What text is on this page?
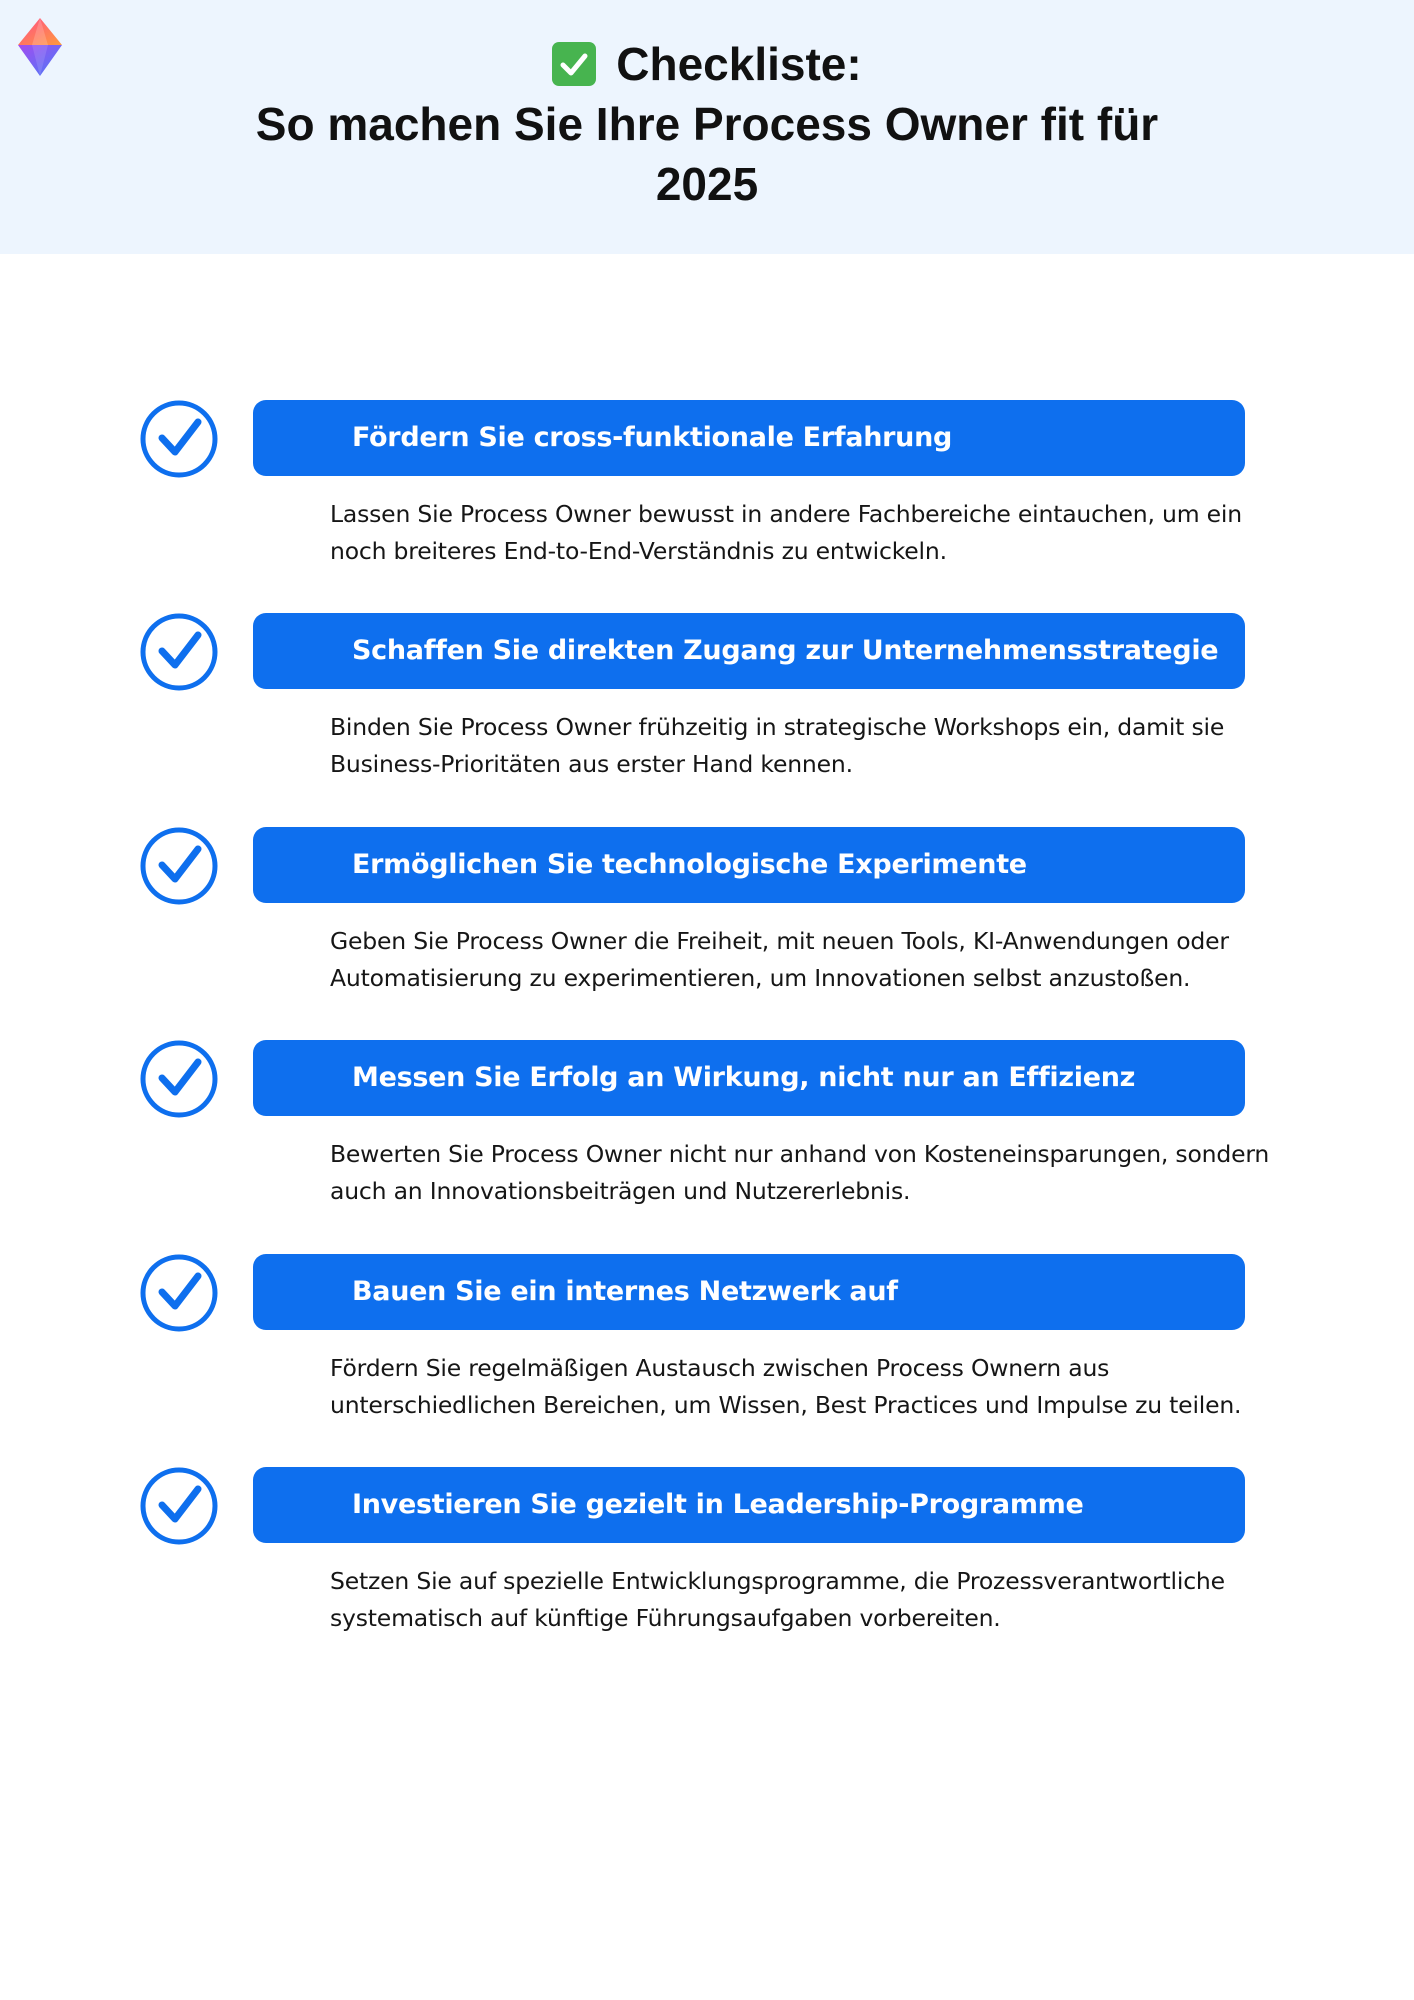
Checkliste:
So machen Sie Ihre Process Owner fit für
2025
Fördern Sie cross-funktionale Erfahrung
Lassen Sie Process Owner bewusst in andere Fachbereiche eintauchen, um ein noch breiteres End-to-End-Verständnis zu entwickeln.
Schaffen Sie direkten Zugang zur Unternehmensstrategie
Binden Sie Process Owner frühzeitig in strategische Workshops ein, damit sie Business-Prioritäten aus erster Hand kennen.
Ermöglichen Sie technologische Experimente
Geben Sie Process Owner die Freiheit, mit neuen Tools, KI-Anwendungen oder Automatisierung zu experimentieren, um Innovationen selbst anzustoßen.
Messen Sie Erfolg an Wirkung, nicht nur an Effizienz
Bewerten Sie Process Owner nicht nur anhand von Kosteneinsparungen, sondern auch an Innovationsbeiträgen und Nutzererlebnis.
Bauen Sie ein internes Netzwerk auf
Fördern Sie regelmäßigen Austausch zwischen Process Ownern aus unterschiedlichen Bereichen, um Wissen, Best Practices und Impulse zu teilen.
Investieren Sie gezielt in Leadership-Programme
Setzen Sie auf spezielle Entwicklungsprogramme, die Prozessverantwortliche systematisch auf künftige Führungsaufgaben vorbereiten.
